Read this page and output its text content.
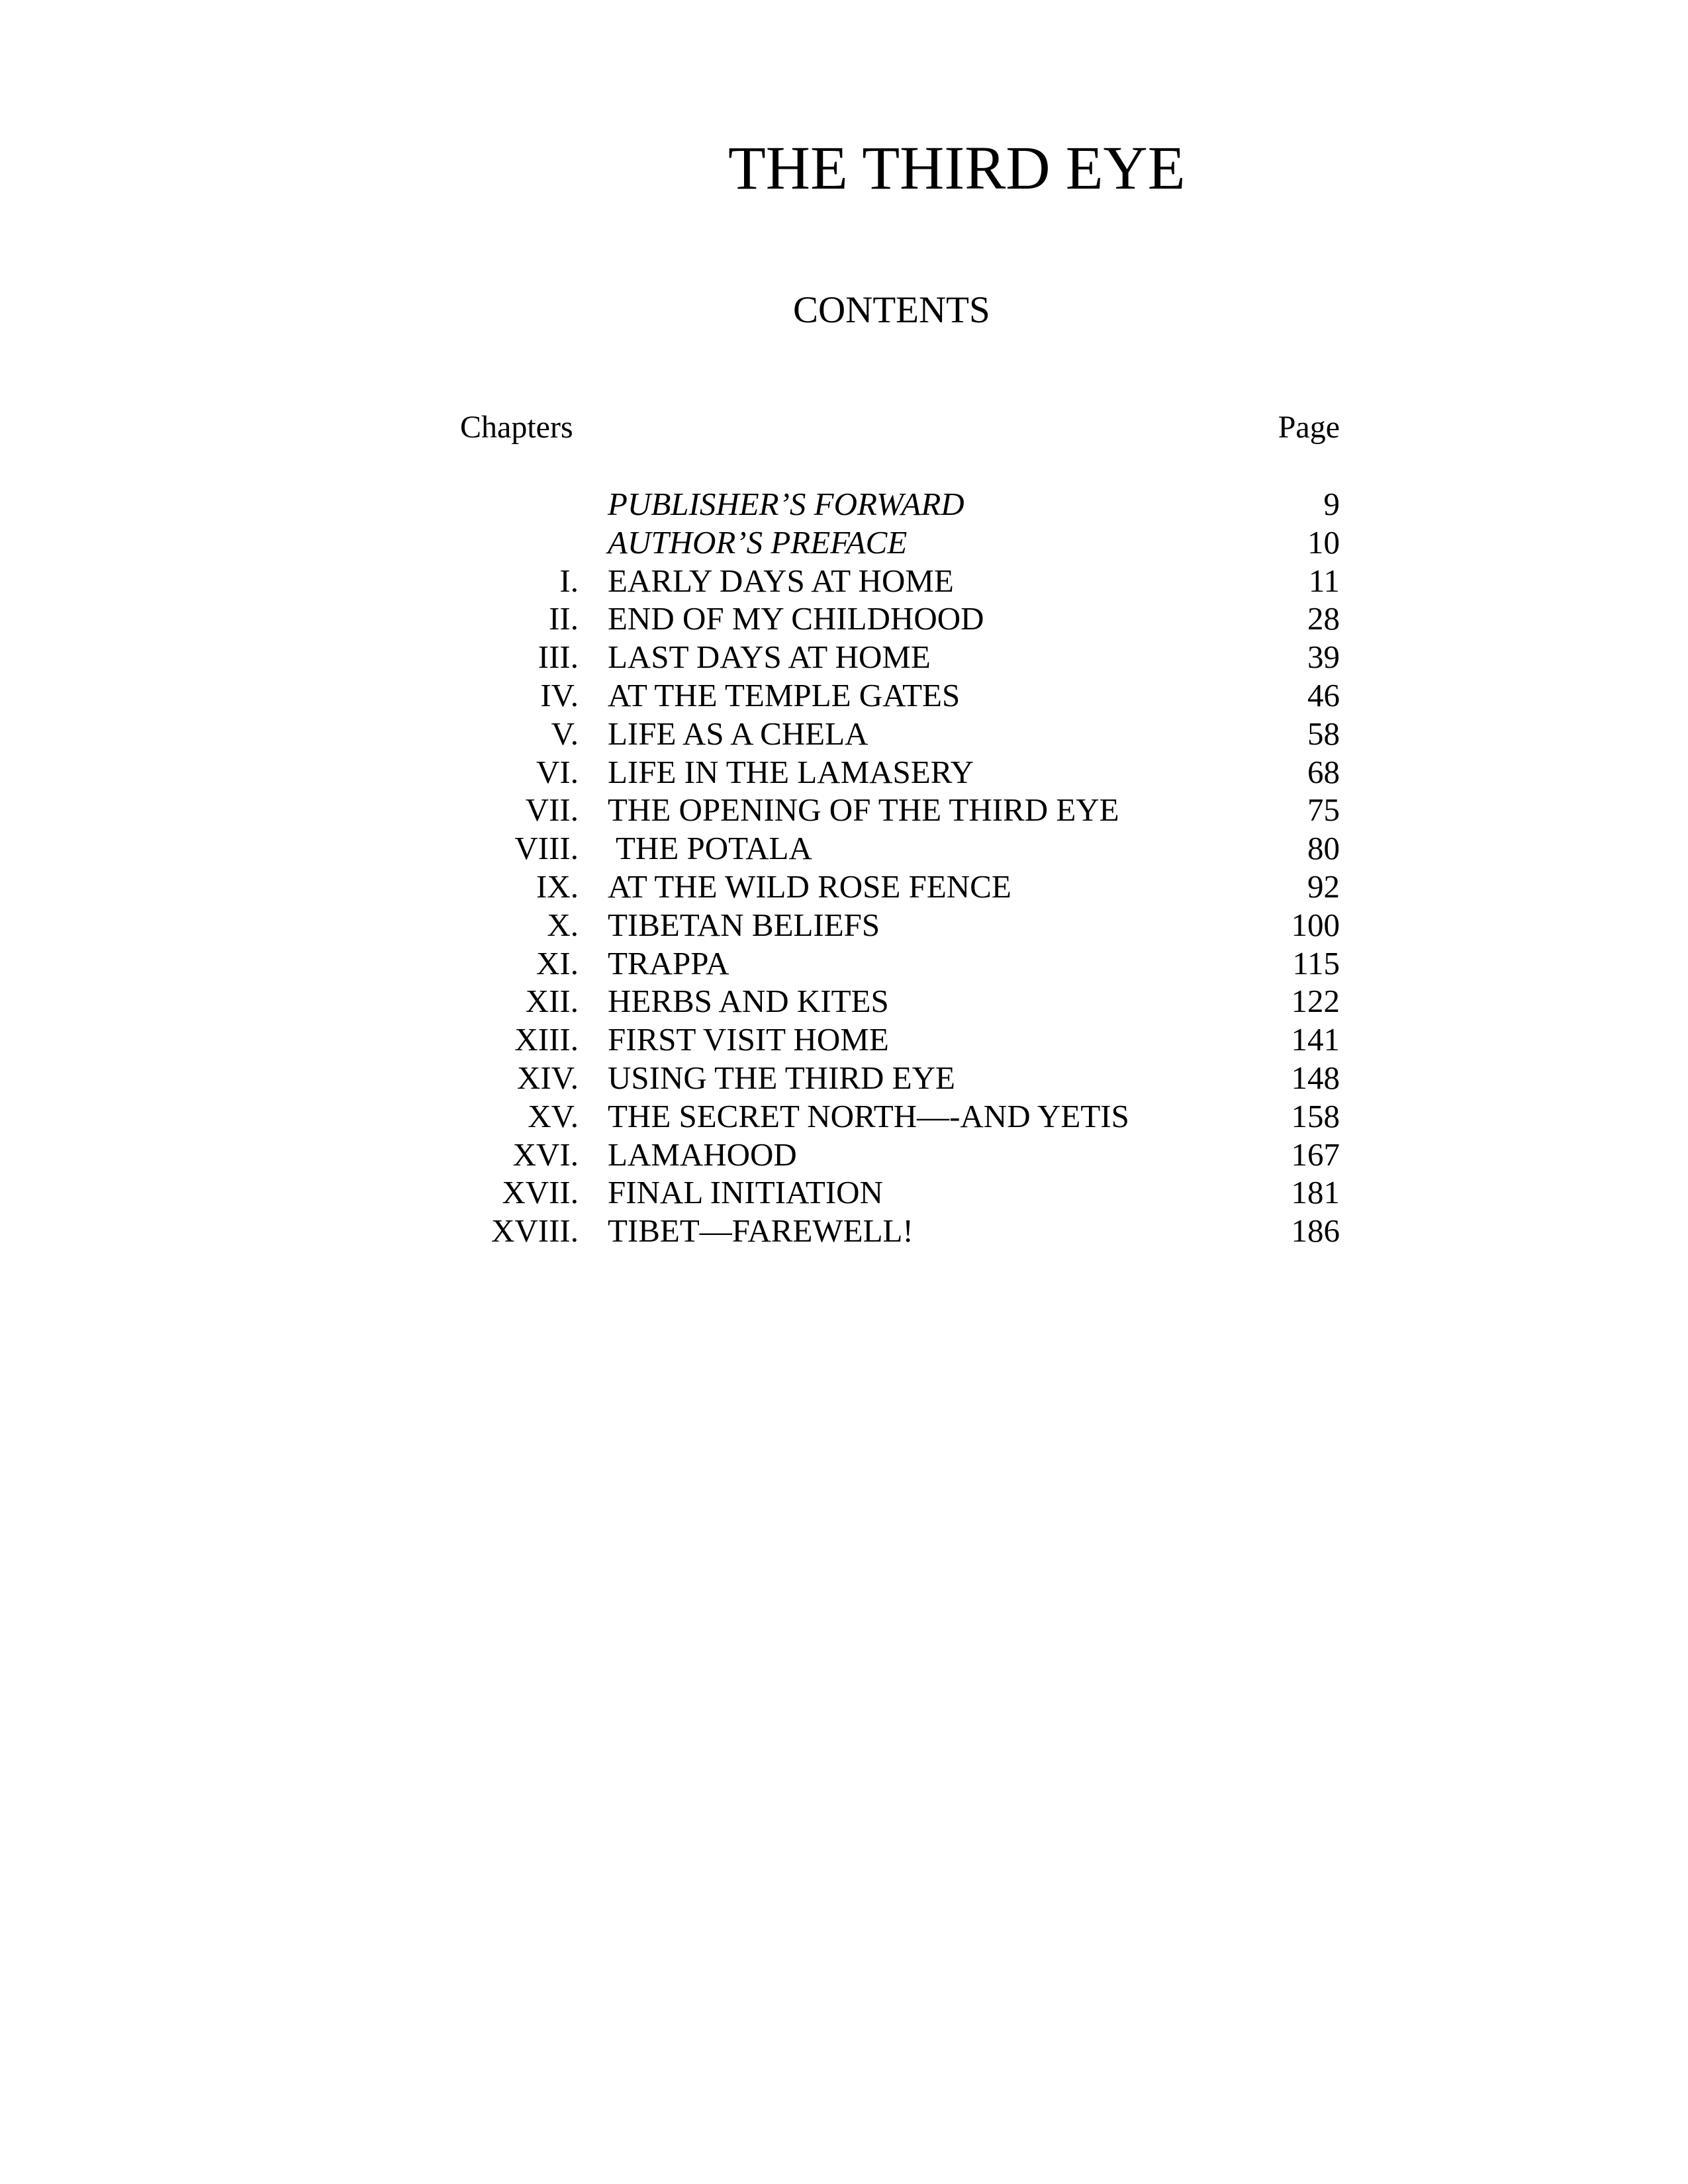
THE THIRD EYE
CONTENTS
Chapters	Page
PUBLISHER’S FORWARD	9
AUTHOR’S PREFACE	10
I. EARLY DAYS AT HOME	11
II. END OF MY CHILDHOOD	28
III. LAST DAYS AT HOME	39
IV. AT THE TEMPLE GATES	46
V. LIFE AS A CHELA	58
VI. LIFE IN THE LAMASERY	68
VII. THE OPENING OF THE THIRD EYE	75
VIII. THE POTALA	80
IX. AT THE WILD ROSE FENCE	92
X. TIBETAN BELIEFS	100
XI. TRAPPA	115
XII. HERBS AND KITES	122
XIII. FIRST VISIT HOME	141
XIV. USING THE THIRD EYE	148
XV. THE SECRET NORTH—-AND YETIS	158
XVI. LAMAHOOD	167
XVII. FINAL INITIATION	181
XVIII. TIBET—FAREWELL!	186
